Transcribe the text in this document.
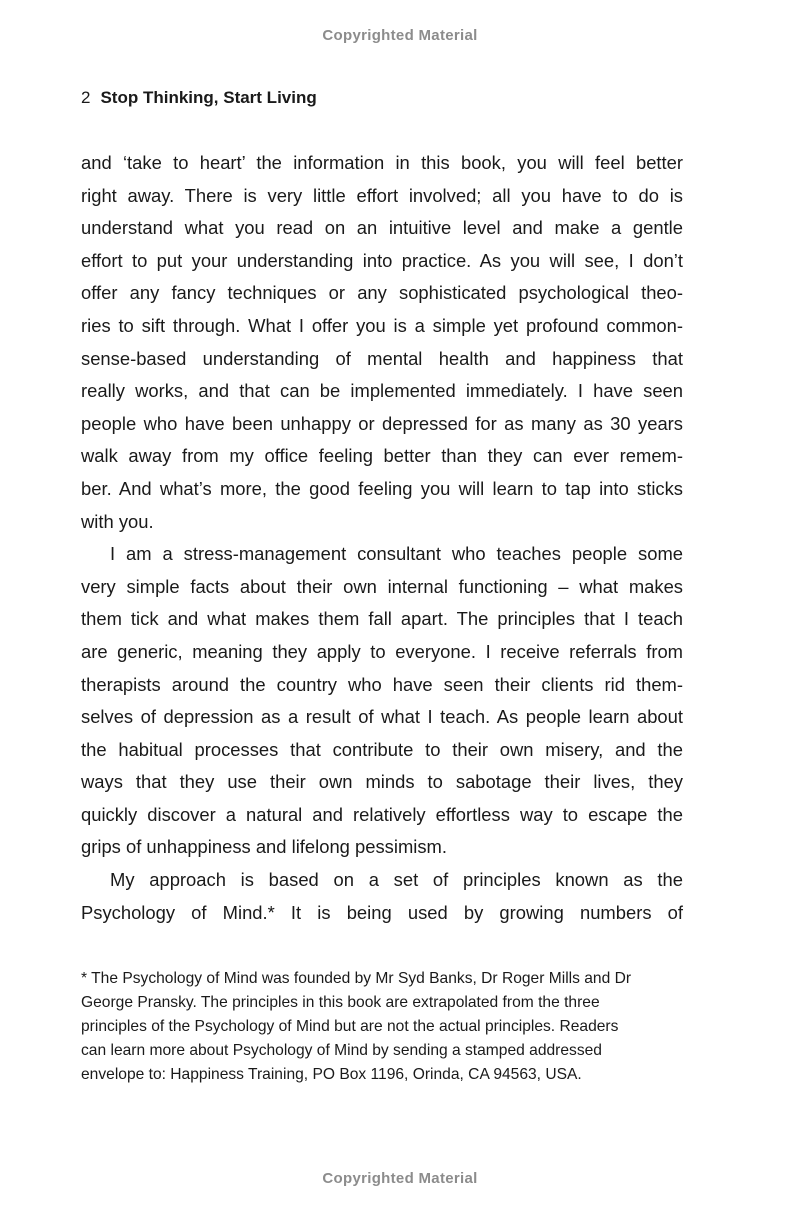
Copyrighted Material
2 Stop Thinking, Start Living
and ‘take to heart’ the information in this book, you will feel better
right away. There is very little effort involved; all you have to do is
understand what you read on an intuitive level and make a gentle
effort to put your understanding into practice. As you will see, I don’t
offer any fancy techniques or any sophisticated psychological theo-
ries to sift through. What I offer you is a simple yet profound common-
sense-based understanding of mental health and happiness that
really works, and that can be implemented immediately. I have seen
people who have been unhappy or depressed for as many as 30 years
walk away from my office feeling better than they can ever remem-
ber. And what’s more, the good feeling you will learn to tap into sticks
with you.
I am a stress-management consultant who teaches people some
very simple facts about their own internal functioning – what makes
them tick and what makes them fall apart. The principles that I teach
are generic, meaning they apply to everyone. I receive referrals from
therapists around the country who have seen their clients rid them-
selves of depression as a result of what I teach. As people learn about
the habitual processes that contribute to their own misery, and the
ways that they use their own minds to sabotage their lives, they
quickly discover a natural and relatively effortless way to escape the
grips of unhappiness and lifelong pessimism.
My approach is based on a set of principles known as the
Psychology of Mind.* It is being used by growing numbers of
* The Psychology of Mind was founded by Mr Syd Banks, Dr Roger Mills and Dr
George Pransky. The principles in this book are extrapolated from the three
principles of the Psychology of Mind but are not the actual principles. Readers
can learn more about Psychology of Mind by sending a stamped addressed
envelope to: Happiness Training, PO Box 1196, Orinda, CA 94563, USA.
Copyrighted Material
